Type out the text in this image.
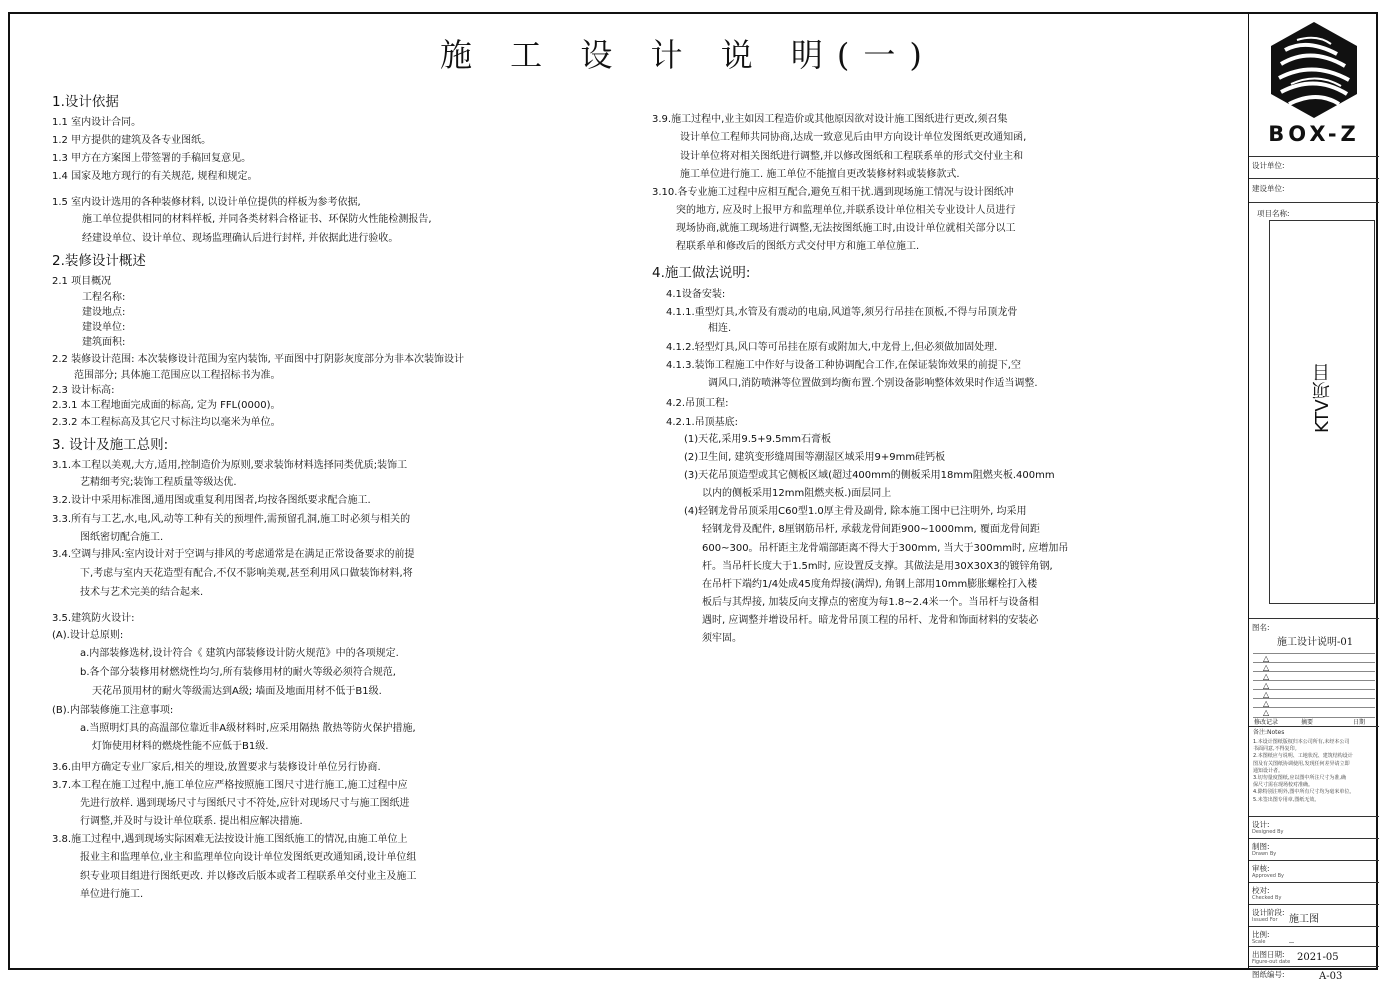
施 工 设 计 说 明(一)
1.设计依据
1.1 室内设计合同。
1.2 甲方提供的建筑及各专业图纸。
1.3 甲方在方案图上带签署的手稿回复意见。
1.4 国家及地方现行的有关规范, 规程和规定。
1.5 室内设计选用的各种装修材料, 以设计单位提供的样板为参考依据,
施工单位提供相同的材料样板, 并同各类材料合格证书、环保防火性能检测报告,
经建设单位、设计单位、现场监理确认后进行封样, 并依据此进行验收。
2.装修设计概述
2.1 项目概况
工程名称:
建设地点:
建设单位:
建筑面积:
2.2 装修设计范围: 本次装修设计范围为室内装饰, 平面图中打阴影灰度部分为非本次装饰设计
范围部分; 具体施工范围应以工程招标书为准。
2.3 设计标高:
2.3.1 本工程地面完成面的标高, 定为 FFL(0000)。
2.3.2 本工程标高及其它尺寸标注均以毫米为单位。
3. 设计及施工总则:
3.1.本工程以美观,大方,适用,控制造价为原则,要求装饰材料选择同类优质;装饰工
艺精细考究;装饰工程质量等级达优.
3.2.设计中采用标准图,通用图或重复利用图者,均按各图纸要求配合施工.
3.3.所有与工艺,水,电,风,动等工种有关的预埋件,需预留孔洞,施工时必须与相关的
图纸密切配合施工.
3.4.空调与排风:室内设计对于空调与排风的考虑通常是在满足正常设备要求的前提
下,考虑与室内天花造型有配合,不仅不影响美观,甚至利用风口做装饰材料,将
技术与艺术完美的结合起来.
3.5.建筑防火设计:
(A).设计总原则:
a.内部装修选材,设计符合《 建筑内部装修设计防火规范》中的各项规定.
b.各个部分装修用材燃烧性均匀,所有装修用材的耐火等级必须符合规范,
天花吊顶用材的耐火等级需达到A级; 墙面及地面用材不低于B1级.
(B).内部装修施工注意事项:
a.当照明灯具的高温部位靠近非A级材料时,应采用隔热 散热等防火保护措施,
灯饰使用材料的燃烧性能不应低于B1级.
3.6.由甲方确定专业厂家后,相关的埋设,放置要求与装修设计单位另行协商.
3.7.本工程在施工过程中,施工单位应严格按照施工图尺寸进行施工,施工过程中应
先进行放样. 遇到现场尺寸与图纸尺寸不符处,应针对现场尺寸与施工图纸进
行调整,并及时与设计单位联系. 提出相应解决措施.
3.8.施工过程中,遇到现场实际困难无法按设计施工图纸施工的情况,由施工单位上
报业主和监理单位,业主和监理单位向设计单位发图纸更改通知函,设计单位组
织专业项目组进行图纸更改. 并以修改后版本或者工程联系单交付业主及施工
单位进行施工.
3.9.施工过程中,业主如因工程造价或其他原因欲对设计施工图纸进行更改,须召集
设计单位工程师共同协商,达成一致意见后由甲方向设计单位发图纸更改通知函,
设计单位将对相关图纸进行调整,并以修改图纸和工程联系单的形式交付业主和
施工单位进行施工. 施工单位不能擅自更改装修材料或装修款式.
3.10.各专业施工过程中应相互配合,避免互相干扰.遇到现场施工情况与设计图纸冲
突的地方, 应及时上报甲方和监理单位,并联系设计单位相关专业设计人员进行
现场协商,就施工现场进行调整,无法按图纸施工时,由设计单位就相关部分以工
程联系单和修改后的图纸方式交付甲方和施工单位施工.
4.施工做法说明:
4.1设备安装:
4.1.1.重型灯具,水管及有震动的电扇,风道等,须另行吊挂在顶板,不得与吊顶龙骨
相连.
4.1.2.轻型灯具,风口等可吊挂在原有或附加大,中龙骨上,但必须做加固处理.
4.1.3.装饰工程施工中作好与设备工种协调配合工作,在保证装饰效果的前提下,空
调风口,消防喷淋等位置做到均衡布置.个别设备影响整体效果时作适当调整.
4.2.吊顶工程:
4.2.1.吊顶基底:
(1)天花,采用9.5+9.5mm石膏板
(2)卫生间, 建筑变形缝周围等潮湿区域采用9+9mm硅钙板
(3)天花吊顶造型或其它侧板区域(超过400mm的侧板采用18mm阻燃夹板.400mm
以内的侧板采用12mm阻燃夹板.)面层同上
(4)轻钢龙骨吊顶采用C60型1.0厚主骨及副骨, 除本施工图中已注明外, 均采用
轻钢龙骨及配件, 8厘钢筋吊杆, 承载龙骨间距900~1000mm, 覆面龙骨间距
600~300。吊杆距主龙骨端部距离不得大于300mm, 当大于300mm时, 应增加吊
杆。当吊杆长度大于1.5m时, 应设置反支撑。其做法是用30X30X3的镀锌角钢,
在吊杆下端约1/4处成45度角焊接(满焊), 角钢上部用10mm膨胀螺栓打入楼
板后与其焊接, 加装反向支撑点的密度为每1.8~2.4米一个。当吊杆与设备相
遇时, 应调整并增设吊杆。暗龙骨吊顶工程的吊杆、龙骨和饰面材料的安装必
须牢固。
BOX-Z
设计单位:
建设单位:
项目名称:
KTV项目
图名:
施工设计说明-01
△
△
△
△
△
△
△
修改记录	摘要	日期
备注:Notes
1.本设计图纸版权归本公司所有,未经本公司
书面同意,不得复印。
2.本图纸应与说明、工地状况、建筑结构设计
图及有关图纸协调使用,发现任何差异请立即
通知设计者。
3.切勿量度图纸,应以图中所注尺寸为准,确
保尺寸需在现场校对准确。
4.除特别注明外,图中所有尺寸均为毫米单位。
5.未签出图专用章,图纸无效。
设计:
Designed By
制图:
Drawn By
审核:
Approved By
校对:
Checked By
设计阶段:
Issued For 施工图
比例:
Scale _
出图日期:
Figure-out date 2021-05
图纸编号:	A-03
